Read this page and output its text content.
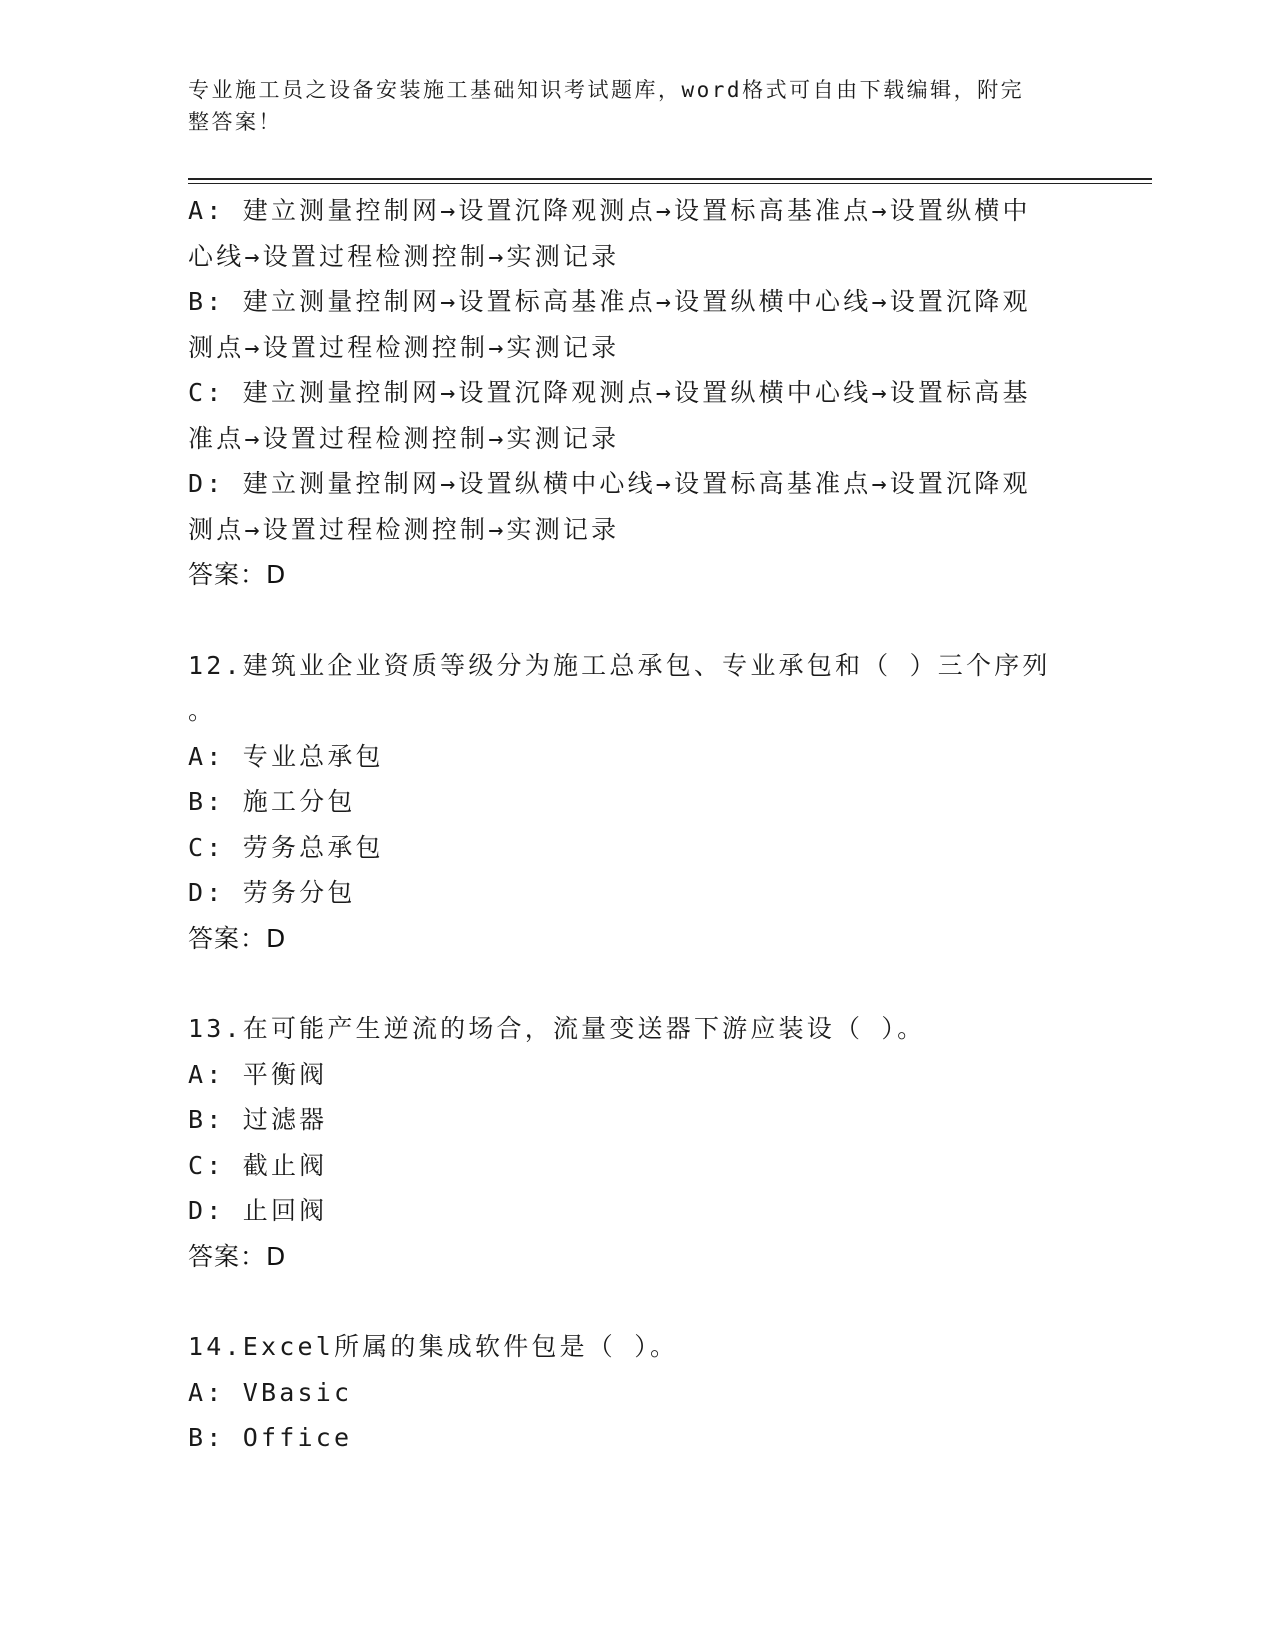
专业施工员之设备安装施工基础知识考试题库，word格式可自由下载编辑，附完
整答案！
A: 建立测量控制网→设置沉降观测点→设置标高基准点→设置纵横中
心线→设置过程检测控制→实测记录
B: 建立测量控制网→设置标高基准点→设置纵横中心线→设置沉降观
测点→设置过程检测控制→实测记录
C: 建立测量控制网→设置沉降观测点→设置纵横中心线→设置标高基
准点→设置过程检测控制→实测记录
D: 建立测量控制网→设置纵横中心线→设置标高基准点→设置沉降观
测点→设置过程检测控制→实测记录
答案：D
12.建筑业企业资质等级分为施工总承包、专业承包和（ ）三个序列
。
A: 专业总承包
B: 施工分包
C: 劳务总承包
D: 劳务分包
答案：D
13.在可能产生逆流的场合，流量变送器下游应装设（ ）。
A: 平衡阀
B: 过滤器
C: 截止阀
D: 止回阀
答案：D
14.Excel所属的集成软件包是（ ）。
A: VBasic
B: Office
